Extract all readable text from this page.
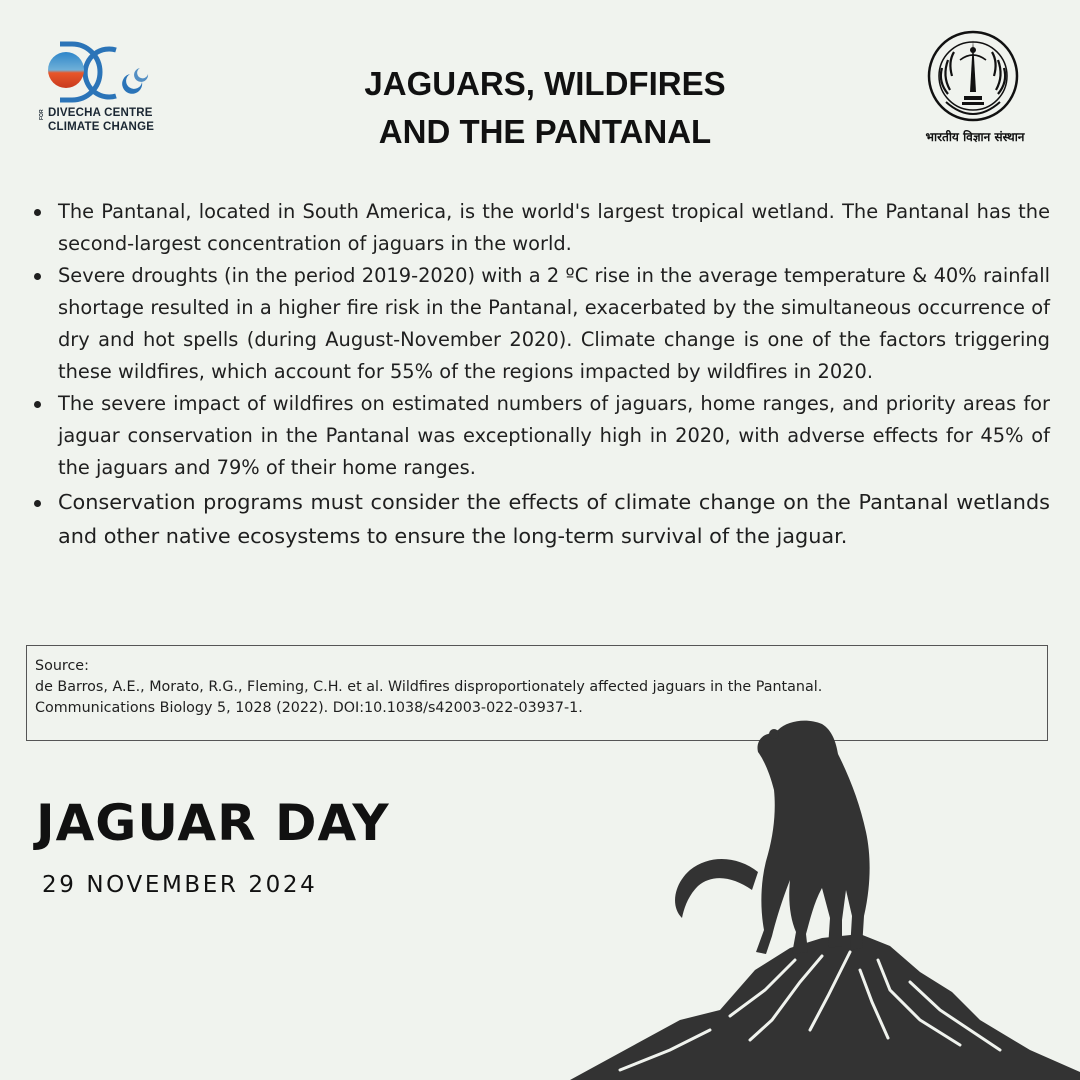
DIVECHA CENTRE
FOR
CLIMATE CHANGE
JAGUARS, WILDFIRES
AND THE PANTANAL	भारतीय विज्ञान संस्थान
The Pantanal, located in South America, is the world's largest tropical wetland. The Pantanal has the second-largest concentration of jaguars in the world.
Severe droughts (in the period 2019-2020) with a 2 ºC rise in the average temperature & 40% rainfall shortage resulted in a higher fire risk in the Pantanal, exacerbated by the simultaneous occurrence of dry and hot spells (during August-November 2020). Climate change is one of the factors triggering these wildfires, which account for 55% of the regions impacted by wildfires in 2020.
The severe impact of wildfires on estimated numbers of jaguars, home ranges, and priority areas for jaguar conservation in the Pantanal was exceptionally high in 2020, with adverse effects for 45% of the jaguars and 79% of their home ranges.
Conservation programs must consider the effects of climate change on the Pantanal wetlands and other native ecosystems to ensure the long-term survival of the jaguar.
Source:
de Barros, A.E., Morato, R.G., Fleming, C.H. et al. Wildfires disproportionately affected jaguars in the Pantanal.
Communications Biology 5, 1028 (2022). DOI:10.1038/s42003-022-03937-1.
JAGUAR DAY
29 NOVEMBER 2024
